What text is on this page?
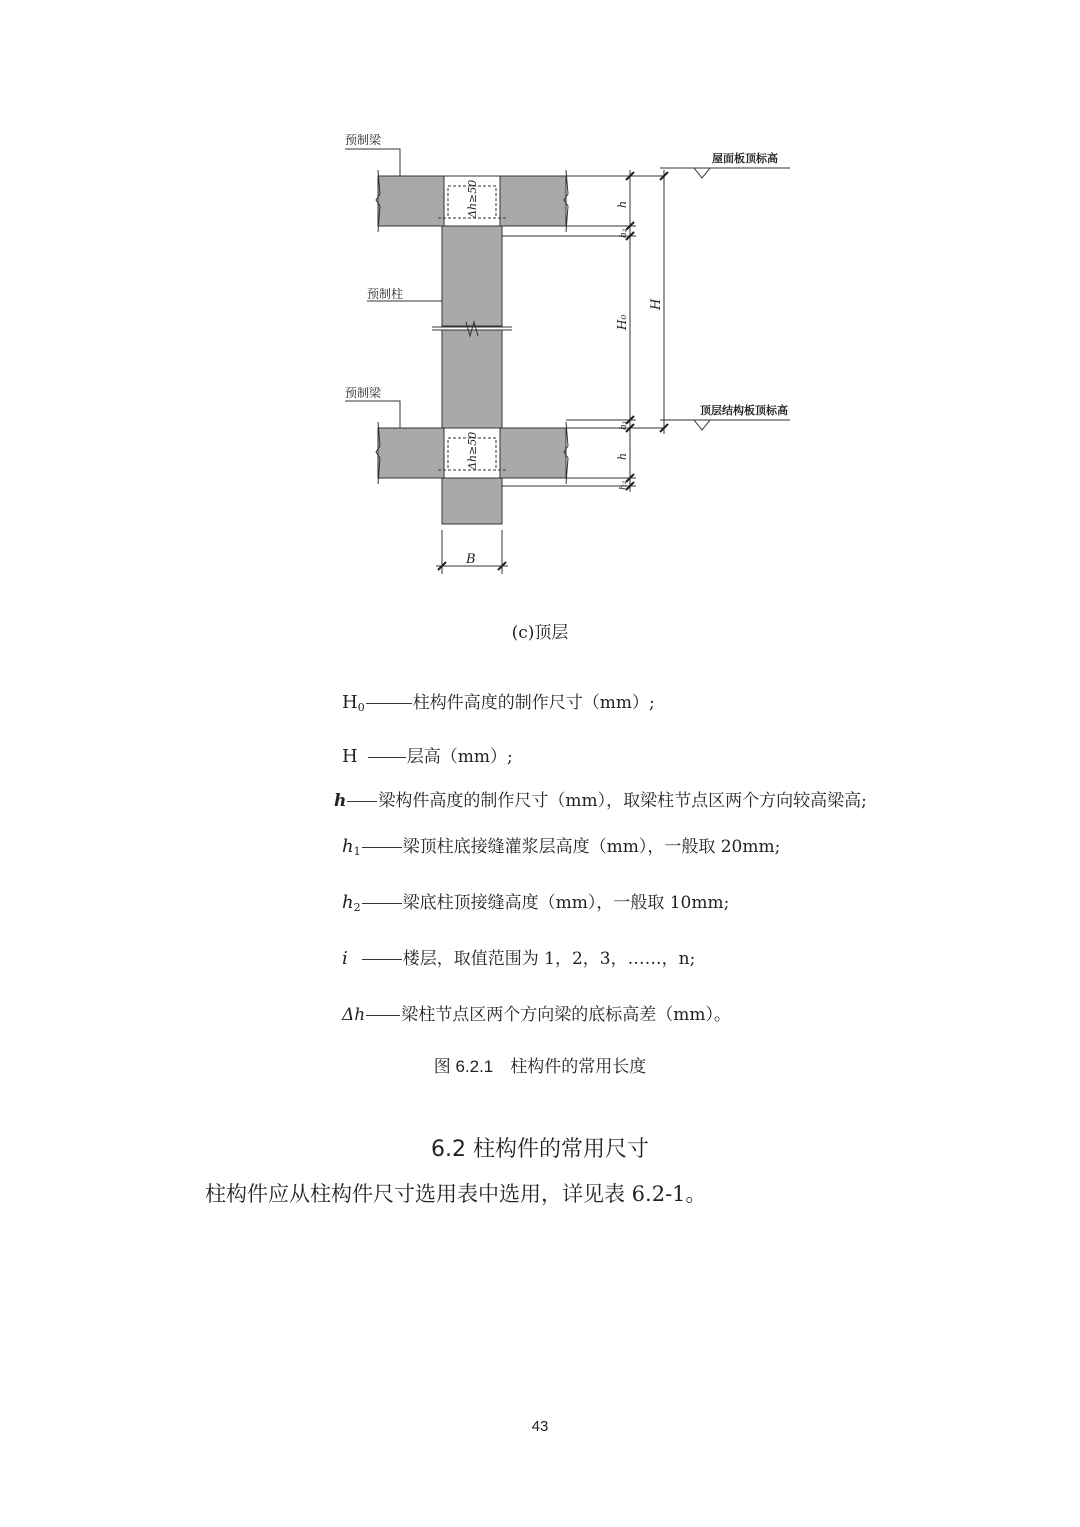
预制梁
预制柱
预制梁
屋面板顶标高
顶层结构板顶标高
Δh≥50
Δh≥50
h
h₂
H₀
H
h₁
h
h₂
B
(c)顶层
$H_0$	柱构件高度的制作尺寸（mm）;
H	层高（mm）;
h 梁构件高度的制作尺寸（mm），取梁柱节点区两个方向较高梁高;
$h_1$ 梁顶柱底接缝灌浆层高度（mm），一般取 20mm;
$h_2$ 梁底柱顶接缝高度（mm），一般取 10mm;
i	楼层，取值范围为 1，2，3，……，n;
Δh 梁柱节点区两个方向梁的底标高差（mm）。
图 6.2.1　柱构件的常用长度
6.2 柱构件的常用尺寸
柱构件应从柱构件尺寸选用表中选用，详见表 6.2-1。
43
